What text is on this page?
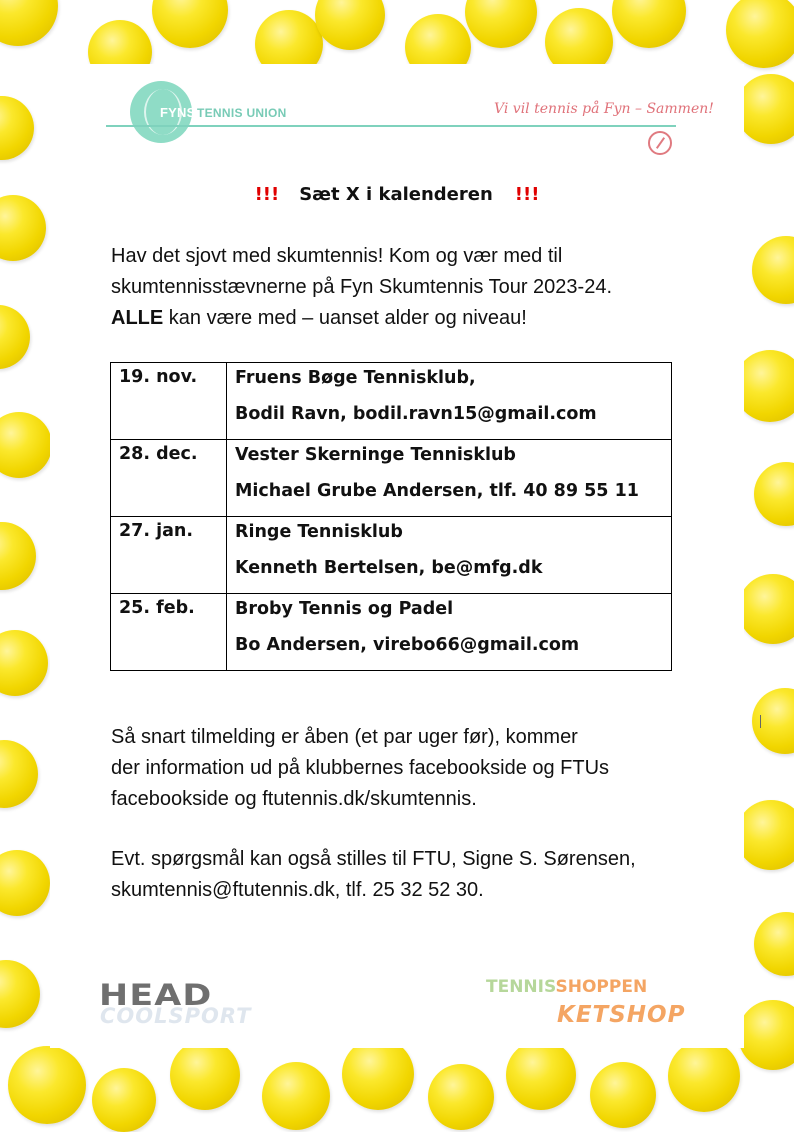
FYNS TENNIS UNION	Vi vil tennis på Fyn – Sammen!
!!! Sæt X i kalenderen !!!

Hav det sjovt med skumtennis! Kom og vær med til
skumtennisstævnerne på Fyn Skumtennis Tour 2023-24.
ALLE kan være med – uanset alder og niveau!

19. nov.	Fruens Bøge Tennisklub,
Bodil Ravn, bodil.ravn15@gmail.com

28. dec.	Vester Skerninge Tennisklub
Michael Grube Andersen, tlf. 40 89 55 11

27. jan.	Ringe Tennisklub
Kenneth Bertelsen, be@mfg.dk

25. feb.	Broby Tennis og Padel
Bo Andersen, virebo66@gmail.com

Så snart tilmelding er åben (et par uger før), kommer
der information ud på klubbernes facebookside og FTUs
facebookside og ftutennis.dk/skumtennis.

Evt. spørgsmål kan også stilles til FTU, Signe S. Sørensen,
skumtennis@ftutennis.dk, tlf. 25 32 52 30.

HEAD
COOLSPORT
TENNISSHOPPEN
KETSHOP
